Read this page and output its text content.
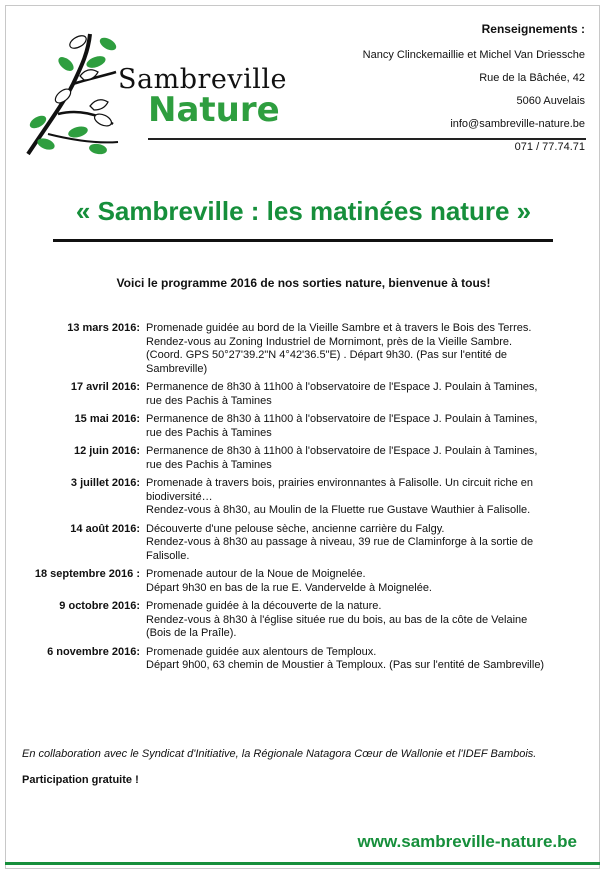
Sambreville
Nature
Renseignements :
Nancy Clinckemaillie et Michel Van Driessche
Rue de la Bâchée, 42
5060 Auvelais
info@sambreville-nature.be
071 / 77.74.71
« Sambreville : les matinées nature »
Voici le programme 2016 de nos sorties nature, bienvenue à tous!
13 mars 2016: Promenade guidée au bord de la Vieille Sambre et à travers le Bois des Terres.
Rendez-vous au Zoning Industriel de Mornimont, près de la Vieille Sambre.
(Coord. GPS 50°27'39.2"N 4°42'36.5"E) . Départ 9h30. (Pas sur l'entité de
Sambreville)
17 avril 2016: Permanence de 8h30 à 11h00 à l'observatoire de l'Espace J. Poulain à Tamines,
rue des Pachis à Tamines
15 mai 2016: Permanence de 8h30 à 11h00 à l'observatoire de l'Espace J. Poulain à Tamines,
rue des Pachis à Tamines
12 juin 2016: Permanence de 8h30 à 11h00 à l'observatoire de l'Espace J. Poulain à Tamines,
rue des Pachis à Tamines
3 juillet 2016: Promenade à travers bois, prairies environnantes à Falisolle. Un circuit riche en
biodiversité…
Rendez-vous à 8h30, au Moulin de la Fluette rue Gustave Wauthier à Falisolle.
14 août 2016: Découverte d'une pelouse sèche, ancienne carrière du Falgy.
Rendez-vous à 8h30 au passage à niveau, 39 rue de Claminforge à la sortie de
Falisolle.
18 septembre 2016 : Promenade autour de la Noue de Moignelée.
Départ 9h30 en bas de la rue E. Vandervelde à Moignelée.
9 octobre 2016: Promenade guidée à la découverte de la nature.
Rendez-vous à 8h30 à l'église située rue du bois, au bas de la côte de Velaine
(Bois de la Praîle).
6 novembre 2016: Promenade guidée aux alentours de Temploux.
Départ 9h00, 63 chemin de Moustier à Temploux. (Pas sur l'entité de Sambreville)
En collaboration avec le Syndicat d'Initiative, la Régionale Natagora Cœur de Wallonie et l'IDEF Bambois.
Participation gratuite !
www.sambreville-nature.be
